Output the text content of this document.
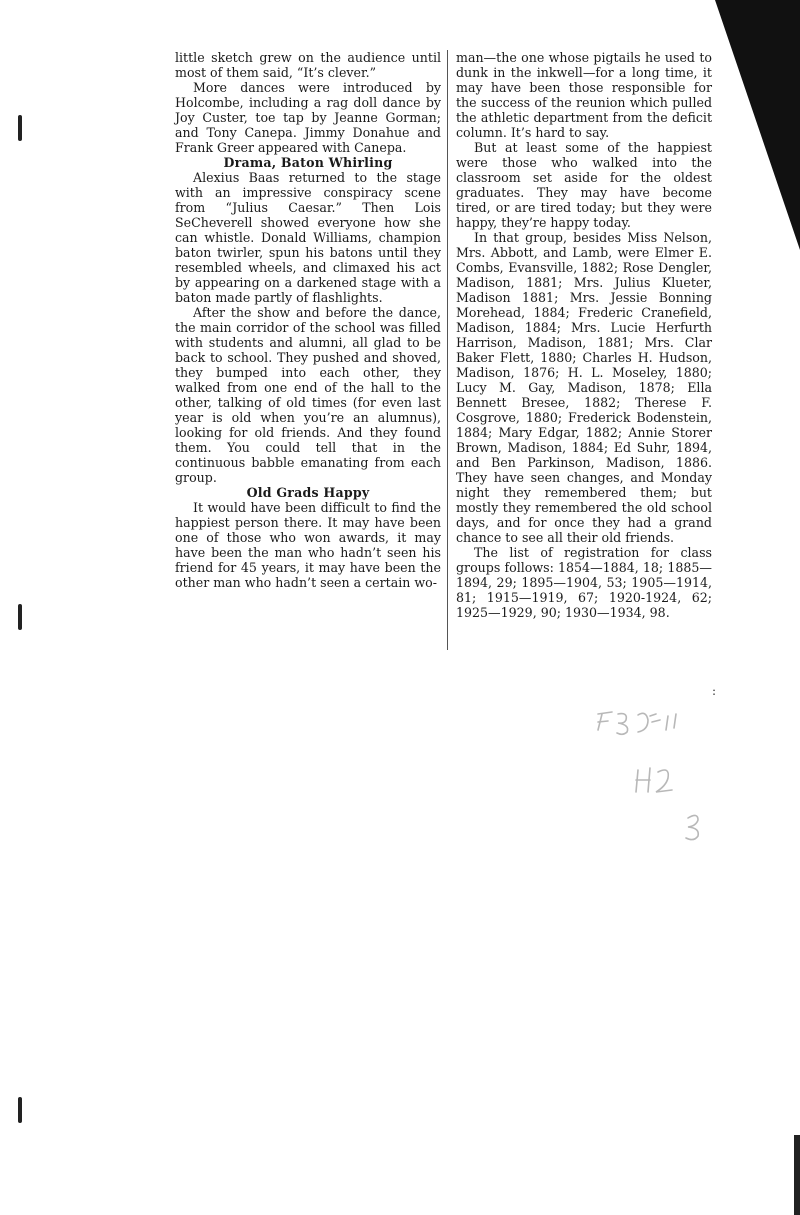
little sketch grew on the audience until most of them said, “It’s clever.”

More dances were introduced by Holcombe, including a rag doll dance by Joy Custer, toe tap by Jeanne Gorman; and Tony Canepa. Jimmy Donahue and Frank Greer appeared with Canepa.

Drama, Baton Whirling

Alexius Baas returned to the stage with an impressive conspiracy scene from “Julius Caesar.” Then Lois SeCheverell showed everyone how she can whistle. Donald Williams, champion baton twirler, spun his batons until they resembled wheels, and climaxed his act by appearing on a darkened stage with a baton made partly of flashlights.

After the show and before the dance, the main corridor of the school was filled with students and alumni, all glad to be back to school. They pushed and shoved, they bumped into each other, they walked from one end of the hall to the other, talking of old times (for even last year is old when you’re an alumnus), looking for old friends. And they found them. You could tell that in the continuous babble emanating from each group.

Old Grads Happy

It would have been difficult to find the happiest person there. It may have been one of those who won awards, it may have been the man who hadn’t seen his friend for 45 years, it may have been the other man who hadn’t seen a certain wo-

man—the one whose pigtails he used to dunk in the inkwell—for a long time, it may have been those responsible for the success of the reunion which pulled the athletic department from the deficit column. It’s hard to say.

But at least some of the happiest were those who walked into the classroom set aside for the oldest graduates. They may have become tired, or are tired today; but they were happy, they’re happy today.

In that group, besides Miss Nelson, Mrs. Abbott, and Lamb, were Elmer E. Combs, Evansville, 1882; Rose Dengler, Madison, 1881; Mrs. Julius Klueter, Madison 1881; Mrs. Jessie Bonning Morehead, 1884; Frederic Cranefield, Madison, 1884; Mrs. Lucie Herfurth Harrison, Madison, 1881; Mrs. Clar Baker Flett, 1880; Charles H. Hudson, Madison, 1876; H. L. Moseley, 1880; Lucy M. Gay, Madison, 1878; Ella Bennett Bresee, 1882; Therese F. Cosgrove, 1880; Frederick Bodenstein, 1884; Mary Edgar, 1882; Annie Storer Brown, Madison, 1884; Ed Suhr, 1894, and Ben Parkinson, Madison, 1886. They have seen changes, and Monday night they remembered them; but mostly they remembered the old school days, and for once they had a grand chance to see all their old friends.

The list of registration for class groups follows: 1854—1884, 18; 1885—1894, 29; 1895—1904, 53; 1905—1914, 81; 1915—1919, 67; 1920-1924, 62; 1925—1929, 90; 1930—1934, 98.

:
